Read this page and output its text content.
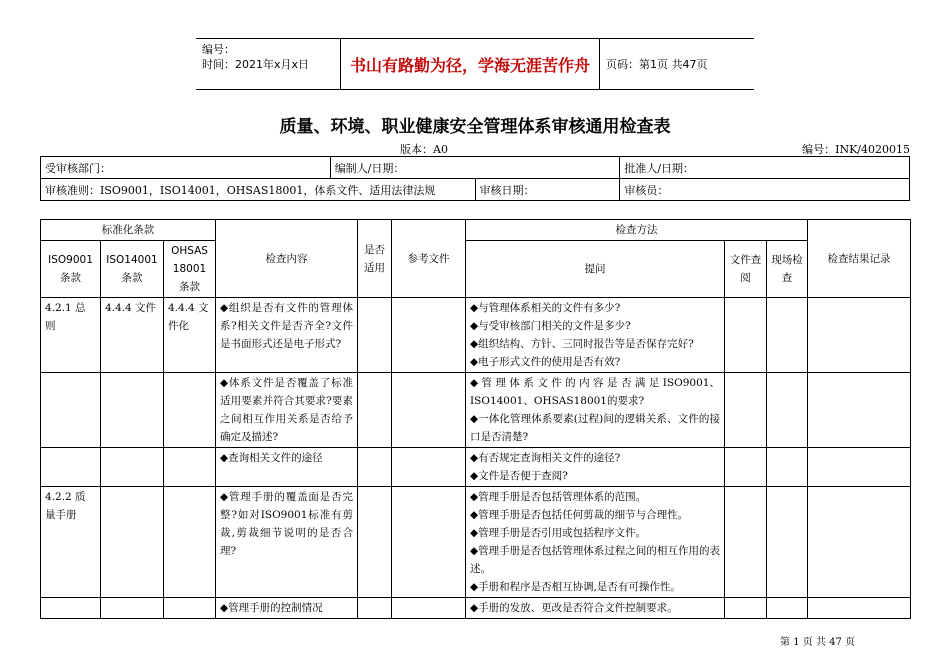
编号：
时间：2021年x月x日	书山有路勤为径，学海无涯苦作舟	页码：第1页 共47页
质量、环境、职业健康安全管理体系审核通用检查表
版本：A0	编号：INK/4020015
受审核部门：	编制人/日期：		批准人/日期：
审核准则：ISO9001，ISO14001，OHSAS18001，体系文件、适用法律法规		审核日期：	审核员：
标准化条款			检查内容	是否适用	参考文件	检查方法			检查结果记录
ISO9001条款	ISO14001条款	OHSAS 18001条款				提问	文件查阅	现场检查	
4.2.1 总则	4.4.4 文件	4.4.4 文件化	◆组织是否有文件的管理体系?相关文件是否齐全?文件是书面形式还是电子形式?			◆与管理体系相关的文件有多少?
◆与受审核部门相关的文件是多少?
◆组织结构、方针、三同时报告等是否保存完好?
◆电子形式文件的使用是否有效?			

			◆体系文件是否覆盖了标准适用要素并符合其要求?要素之间相互作用关系是否给予确定及描述?			◆ 管 理 体 系 文 件 的 内 容 是 否 满 足 ISO9001、ISO14001、OHSAS18001的要求?
◆一体化管理体系要素(过程)间的逻辑关系、文件的接口是否清楚?			

			◆查询相关文件的途径			◆有否规定查询相关文件的途径?
◆文件是否便于查阅?			

4.2.2 质量手册			◆管理手册的覆盖面是否完整?如对ISO9001标准有剪裁,剪裁细节说明的是否合理?			◆管理手册是否包括管理体系的范围。
◆管理手册是否包括任何剪裁的细节与合理性。
◆管理手册是否引用或包括程序文件。
◆管理手册是否包括管理体系过程之间的相互作用的表述。
◆手册和程序是否相互协调,是否有可操作性。			

			◆管理手册的控制情况			◆手册的发放、更改是否符合文件控制要求。			

第 1 页 共 47 页
